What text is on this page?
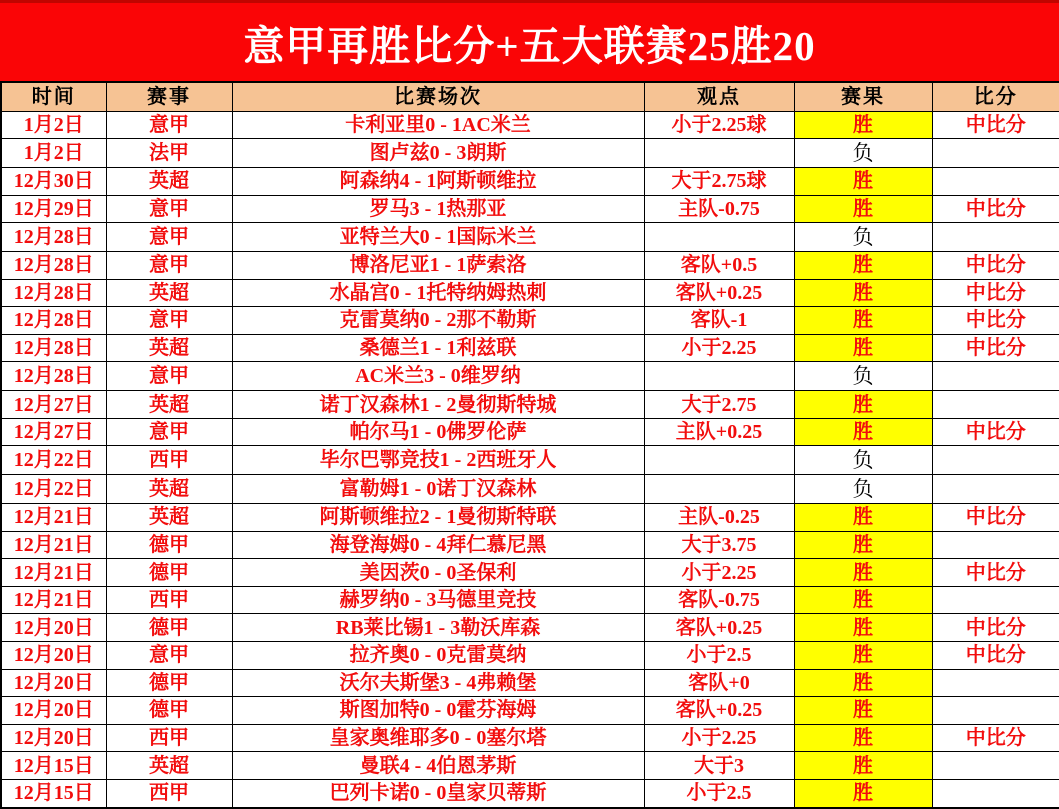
意甲再胜比分+五大联赛25胜20
时间	赛事	比赛场次	观点	赛果	比分
1月2日	意甲	卡利亚里0 - 1AC米兰	小于2.25球	胜	中比分
1月2日	法甲	图卢兹0 - 3朗斯		负	
12月30日	英超	阿森纳4 - 1阿斯顿维拉	大于2.75球	胜	
12月29日	意甲	罗马3 - 1热那亚	主队-0.75	胜	中比分
12月28日	意甲	亚特兰大0 - 1国际米兰		负	
12月28日	意甲	博洛尼亚1 - 1萨索洛	客队+0.5	胜	中比分
12月28日	英超	水晶宫0 - 1托特纳姆热刺	客队+0.25	胜	中比分
12月28日	意甲	克雷莫纳0 - 2那不勒斯	客队-1	胜	中比分
12月28日	英超	桑德兰1 - 1利兹联	小于2.25	胜	中比分
12月28日	意甲	AC米兰3 - 0维罗纳		负	
12月27日	英超	诺丁汉森林1 - 2曼彻斯特城	大于2.75	胜	
12月27日	意甲	帕尔马1 - 0佛罗伦萨	主队+0.25	胜	中比分
12月22日	西甲	毕尔巴鄂竞技1 - 2西班牙人		负	
12月22日	英超	富勒姆1 - 0诺丁汉森林		负	
12月21日	英超	阿斯顿维拉2 - 1曼彻斯特联	主队-0.25	胜	中比分
12月21日	德甲	海登海姆0 - 4拜仁慕尼黑	大于3.75	胜	
12月21日	德甲	美因茨0 - 0圣保利	小于2.25	胜	中比分
12月21日	西甲	赫罗纳0 - 3马德里竞技	客队-0.75	胜	
12月20日	德甲	RB莱比锡1 - 3勒沃库森	客队+0.25	胜	中比分
12月20日	意甲	拉齐奥0 - 0克雷莫纳	小于2.5	胜	中比分
12月20日	德甲	沃尔夫斯堡3 - 4弗赖堡	客队+0	胜	
12月20日	德甲	斯图加特0 - 0霍芬海姆	客队+0.25	胜	
12月20日	西甲	皇家奥维耶多0 - 0塞尔塔	小于2.25	胜	中比分
12月15日	英超	曼联4 - 4伯恩茅斯	大于3	胜	
12月15日	西甲	巴列卡诺0 - 0皇家贝蒂斯	小于2.5	胜	
